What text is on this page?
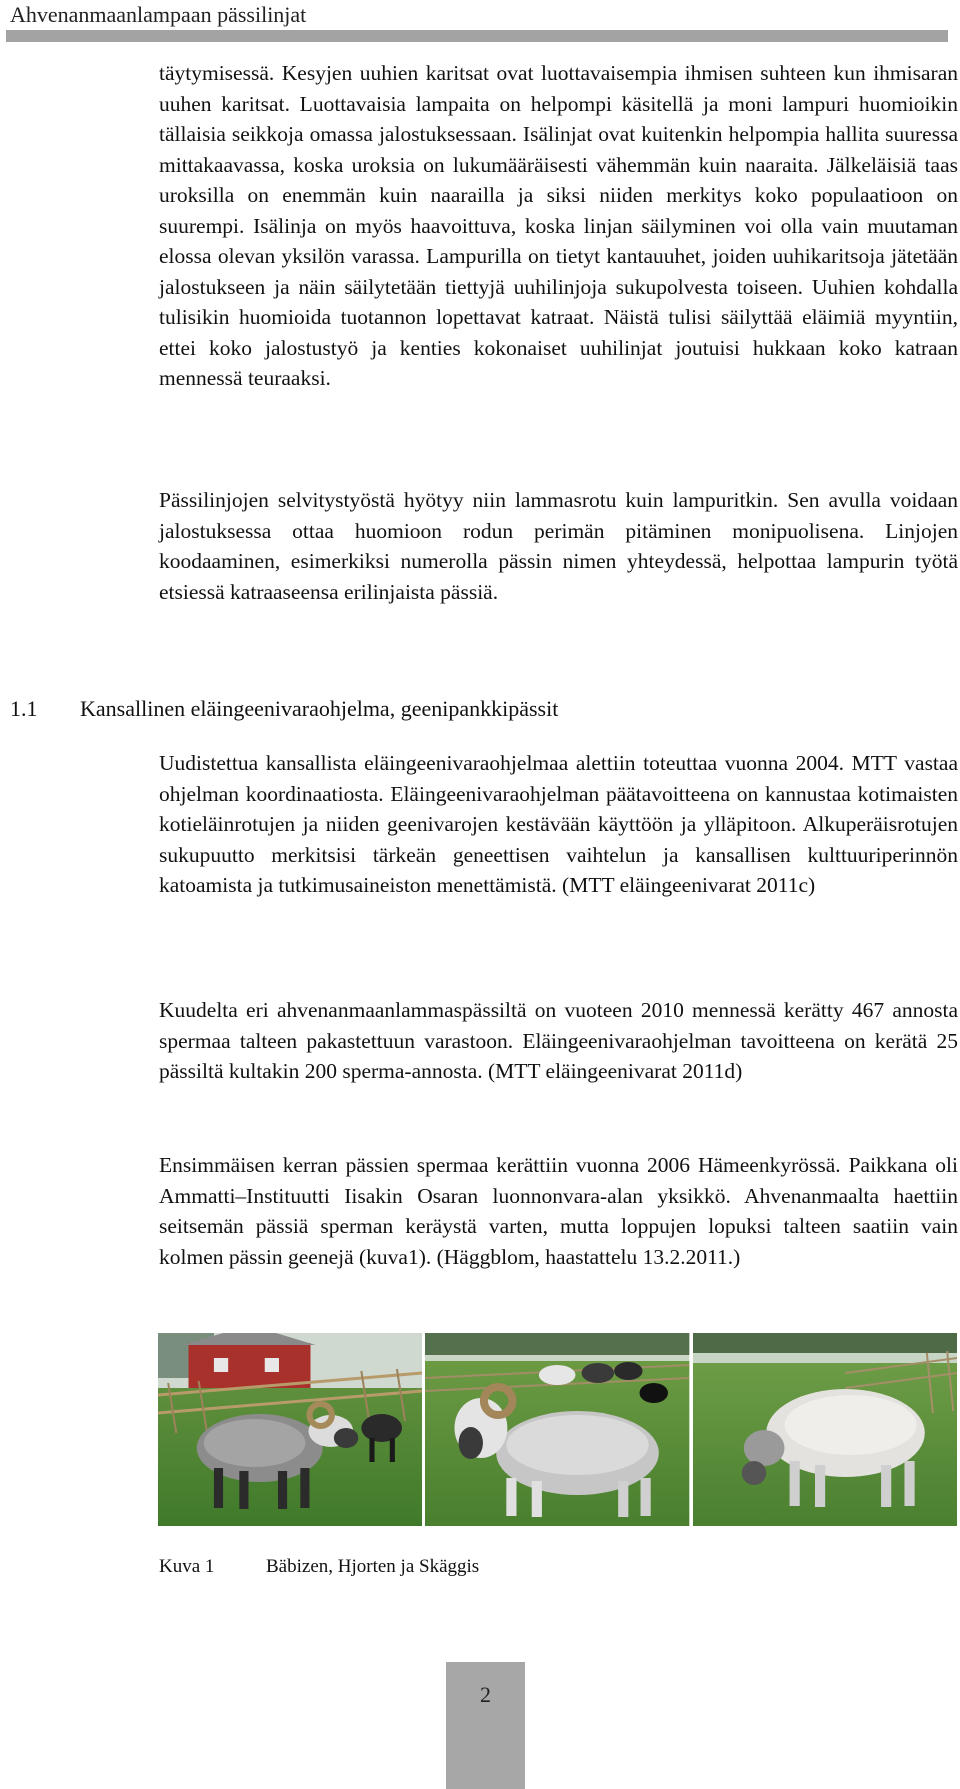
Ahvenanmaanlampaan pässilinjat

täytymisessä. Kesyjen uuhien karitsat ovat luottavaisempia ihmisen suhteen kun ihmisaran uuhen karitsat. Luottavaisia lampaita on helpompi käsitellä ja moni lampuri huomioikin tällaisia seikkoja omassa jalostuksessaan. Isälinjat ovat kuitenkin helpompia hallita suuressa mittakaavassa, koska uroksia on lukumääräisesti vähemmän kuin naaraita. Jälkeläisiä taas uroksilla on enemmän kuin naarailla ja siksi niiden merkitys koko populaatioon on suurempi. Isälinja on myös haavoittuva, koska linjan säilyminen voi olla vain muutaman elossa olevan yksilön varassa. Lampurilla on tietyt kantauuhet, joiden uuhikaritsoja jätetään jalostukseen ja näin säilytetään tiettyjä uuhilinjoja sukupolvesta toiseen. Uuhien kohdalla tulisikin huomioida tuotannon lopettavat katraat. Näistä tulisi säilyttää eläimiä myyntiin, ettei koko jalostustyö ja kenties kokonaiset uuhilinjat joutuisi hukkaan koko katraan mennessä teuraaksi.

Pässilinjojen selvitystyöstä hyötyy niin lammasrotu kuin lampuritkin. Sen avulla voidaan jalostuksessa ottaa huomioon rodun perimän pitäminen monipuolisena. Linjojen koodaaminen, esimerkiksi numerolla pässin nimen yhteydessä, helpottaa lampurin työtä etsiessä katraaseensa erilinjaista pässiä.

1.1 Kansallinen eläingeenivaraohjelma, geenipankkipässit

Uudistettua kansallista eläingeenivaraohjelmaa alettiin toteuttaa vuonna 2004. MTT vastaa ohjelman koordinaatiosta. Eläingeenivaraohjelman päätavoitteena on kannustaa kotimaisten kotieläinrotujen ja niiden geenivarojen kestävään käyttöön ja ylläpitoon. Alkuperäisrotujen sukupuutto merkitsisi tärkeän geneettisen vaihtelun ja kansallisen kulttuuriperinnön katoamista ja tutkimusaineiston menettämistä. (MTT eläingeenivarat 2011c)

Kuudelta eri ahvenanmaanlammaspässiltä on vuoteen 2010 mennessä kerätty 467 annosta spermaa talteen pakastettuun varastoon. Eläingeenivaraohjelman tavoitteena on kerätä 25 pässiltä kultakin 200 sperma-annosta. (MTT eläingeenivarat 2011d)

Ensimmäisen kerran pässien spermaa kerättiin vuonna 2006 Hämeenkyrössä. Paikkana oli Ammatti–Instituutti Iisakin Osaran luonnonvara-alan yksikkö. Ahvenanmaalta haettiin seitsemän pässiä sperman keräystä varten, mutta loppujen lopuksi talteen saatiin vain kolmen pässin geenejä (kuva1). (Häggblom, haastattelu 13.2.2011.)

Kuva 1	Bäbizen, Hjorten ja Skäggis
2
